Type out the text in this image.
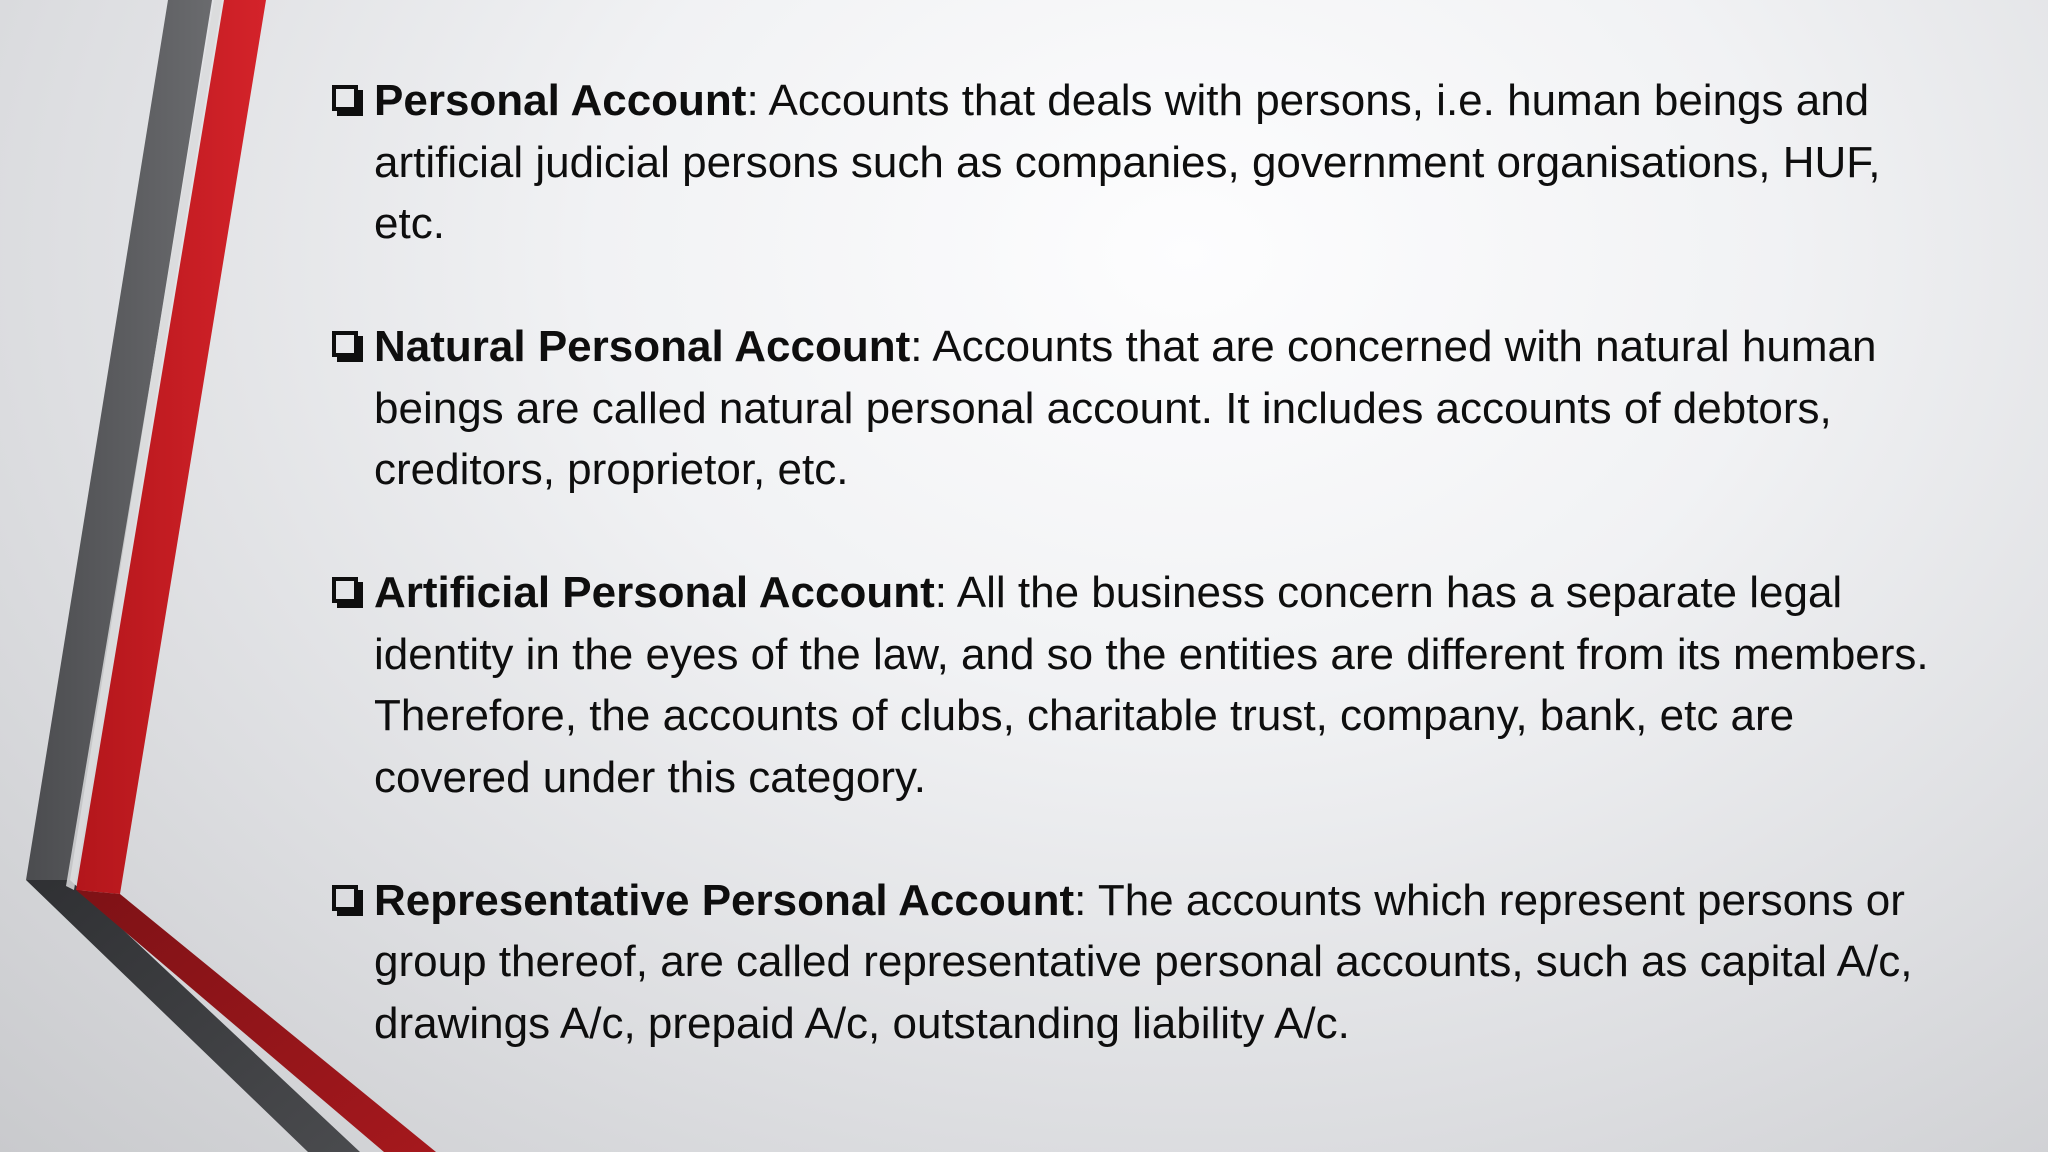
Personal Account: Accounts that deals with persons, i.e. human beings and artificial judicial persons such as companies, government organisations, HUF, etc.
Natural Personal Account: Accounts that are concerned with natural human beings are called natural personal account. It includes accounts of debtors, creditors, proprietor, etc.
Artificial Personal Account: All the business concern has a separate legal identity in the eyes of the law, and so the entities are different from its members. Therefore, the accounts of clubs, charitable trust, company, bank, etc are covered under this category.
Representative Personal Account: The accounts which represent persons or group thereof, are called representative personal accounts, such as capital A/c, drawings A/c, prepaid A/c, outstanding liability A/c.
